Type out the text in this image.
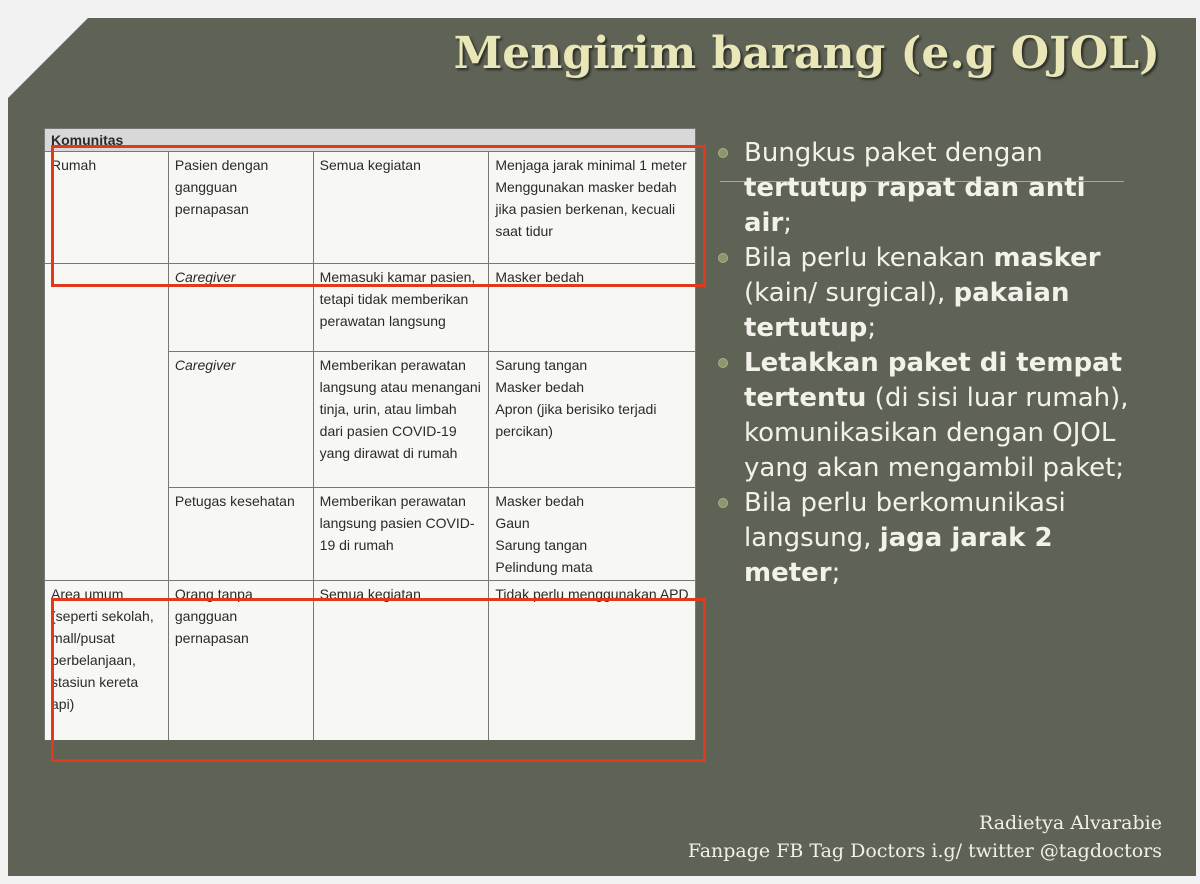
Mengirim barang (e.g OJOL)
Komunitas			
Rumah	Pasien dengan gangguan pernapasan	Semua kegiatan	Menjaga jarak minimal 1 meter
Menggunakan masker bedah jika pasien berkenan, kecuali saat tidur

	Caregiver	Memasuki kamar pasien, tetapi tidak memberikan perawatan langsung	Masker bedah
	Caregiver	Memberikan perawatan langsung atau menangani tinja, urin, atau limbah dari pasien COVID-19 yang dirawat di rumah	Sarung tangan
Masker bedah
Apron (jika berisiko terjadi percikan)

	Petugas kesehatan	Memberikan perawatan langsung pasien COVID-19 di rumah	Masker bedah
Gaun
Sarung tangan
Pelindung mata

Area umum (seperti sekolah, mall/pusat perbelanjaan, stasiun kereta api)	Orang tanpa gangguan pernapasan	Semua kegiatan	Tidak perlu menggunakan APD

Bungkus paket dengan tertutup rapat dan anti air;

Bila perlu kenakan masker (kain/ surgical), pakaian tertutup;

Letakkan paket di tempat tertentu (di sisi luar rumah), komunikasikan dengan OJOL yang akan mengambil paket;

Bila perlu berkomunikasi langsung, jaga jarak 2 meter;

Radietya Alvarabie
Fanpage FB Tag Doctors i.g/ twitter @tagdoctors
